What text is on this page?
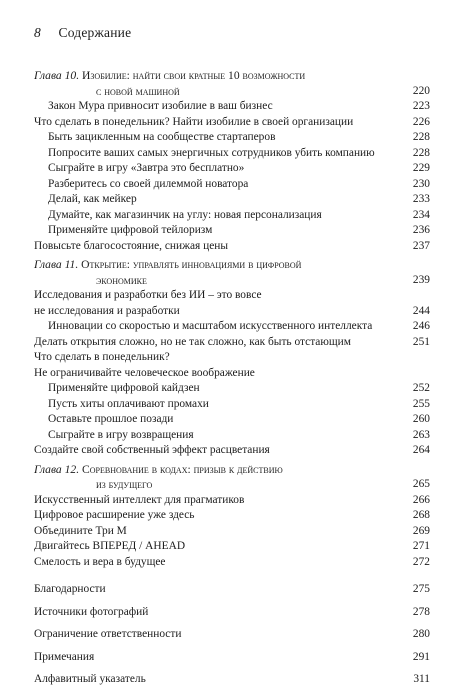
8 Содержание
Глава 10. Изобилие: найти свои кратные 10 возможности
с новой машиной	220
Закон Мура привносит изобилие в ваш бизнес	223
Что сделать в понедельник? Найти изобилие в своей организации	226
Быть зацикленным на сообществе стартаперов	228
Попросите ваших самых энергичных сотрудников убить компанию	228
Сыграйте в игру «Завтра это бесплатно»	229
Разберитесь со своей дилеммой новатора	230
Делай, как мейкер	233
Думайте, как магазинчик на углу: новая персонализация	234
Применяйте цифровой тейлоризм	236
Повысьте благосостояние, снижая цены	237
Глава 11. Открытие: управлять инновациями в цифровой
экономике	239
Исследования и разработки без ИИ – это вовсе
не исследования и разработки	244
Инновации со скоростью и масштабом искусственного интеллекта	246
Делать открытия сложно, но не так сложно, как быть отстающим	251
Что сделать в понедельник?
Не ограничивайте человеческое воображение
Применяйте цифровой кайдзен	252
Пусть хиты оплачивают промахи	255
Оставьте прошлое позади	260
Сыграйте в игру возвращения	263
Создайте свой собственный эффект расцветания	264
Глава 12. Соревнование в кодах: призыв к действию
из будущего	265
Искусственный интеллект для прагматиков	266
Цифровое расширение уже здесь	268
Объедините Три М	269
Двигайтесь ВПЕРЕД / AHEAD	271
Смелость и вера в будущее	272
Благодарности	275
Источники фотографий	278
Ограничение ответственности	280
Примечания	291
Алфавитный указатель	311
